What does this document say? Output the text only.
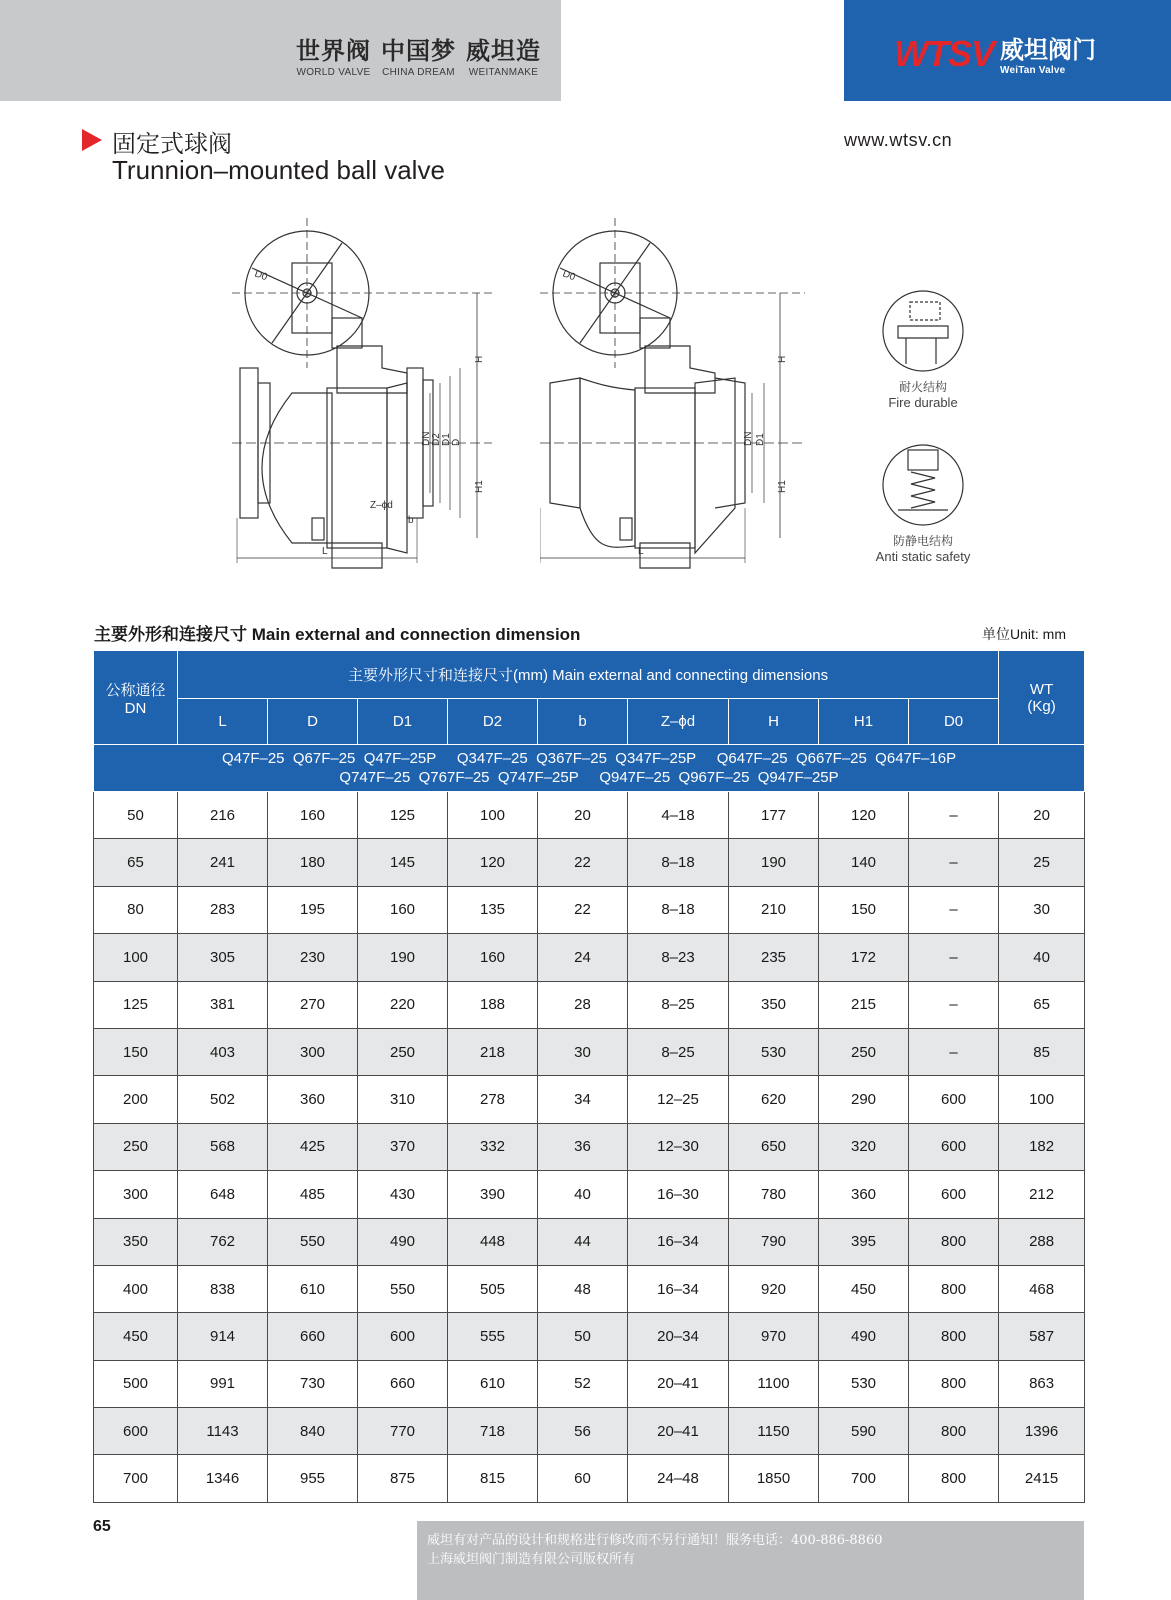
世界阀
WORLD VALVE
中国梦
CHINA DREAM
威坦造
WEITANMAKE	WTSV 威坦阀门
WeiTan Valve
固定式球阀
Trunnion–mounted ball valve
www.wtsv.cn
D0
H
H1
DN D2 D1 D
Z–ϕd
b
L
D0
H
H1
DN D1
L
耐火结构
Fire durable
防静电结构
Anti static safety
主要外形和连接尺寸 Main external and connection dimension	单位Unit: mm
公称通径
DN	主要外形尺寸和连接尺寸(mm) Main external and connecting dimensions									WT
(Kg)
	L	D	D1	D2	b	Z–ϕd	H	H1	D0	
Q47F–25  Q67F–25  Q47F–25P     Q347F–25  Q367F–25  Q347F–25P     Q647F–25  Q667F–25  Q647F–16P
Q747F–25  Q767F–25  Q747F–25P     Q947F–25  Q967F–25  Q947F–25P										
50	216	160	125	100	20	4–18	177	120	–	20
65	241	180	145	120	22	8–18	190	140	–	25
80	283	195	160	135	22	8–18	210	150	–	30
100	305	230	190	160	24	8–23	235	172	–	40
125	381	270	220	188	28	8–25	350	215	–	65
150	403	300	250	218	30	8–25	530	250	–	85
200	502	360	310	278	34	12–25	620	290	600	100
250	568	425	370	332	36	12–30	650	320	600	182
300	648	485	430	390	40	16–30	780	360	600	212
350	762	550	490	448	44	16–34	790	395	800	288
400	838	610	550	505	48	16–34	920	450	800	468
450	914	660	600	555	50	20–34	970	490	800	587
500	991	730	660	610	52	20–41	1100	530	800	863
600	1143	840	770	718	56	20–41	1150	590	800	1396
700	1346	955	875	815	60	24–48	1850	700	800	2415
65
威坦有对产品的设计和规格进行修改而不另行通知！服务电话：400-886-8860
上海威坦阀门制造有限公司版权所有
